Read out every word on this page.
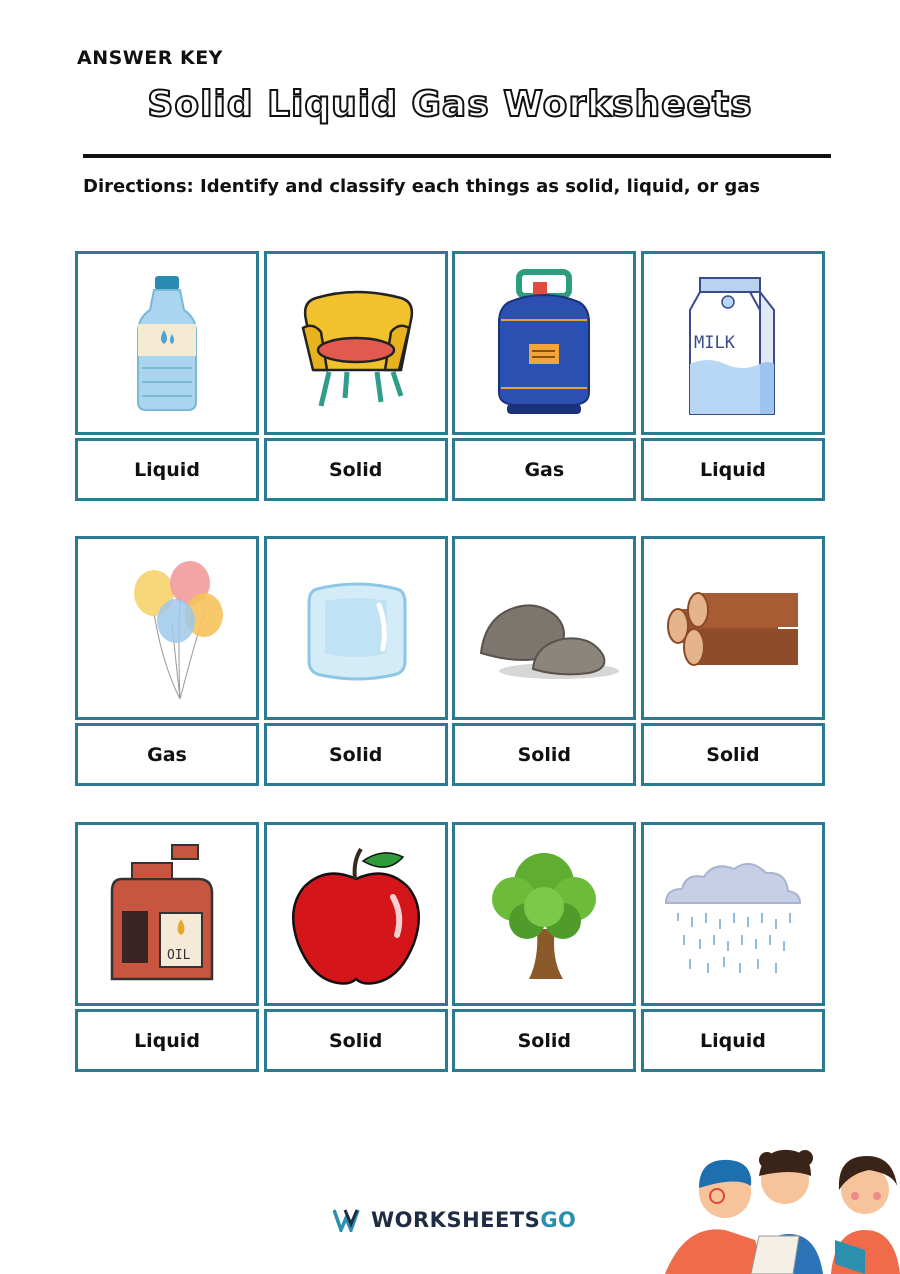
ANSWER KEY
Solid Liquid Gas Worksheets
Directions: Identify and classify each things as solid, liquid, or gas
Liquid	Solid	Gas
MILK
Liquid
Gas	Solid	Solid	Solid
OIL
Liquid	Solid	Solid	Liquid
WORKSHEETS GO
